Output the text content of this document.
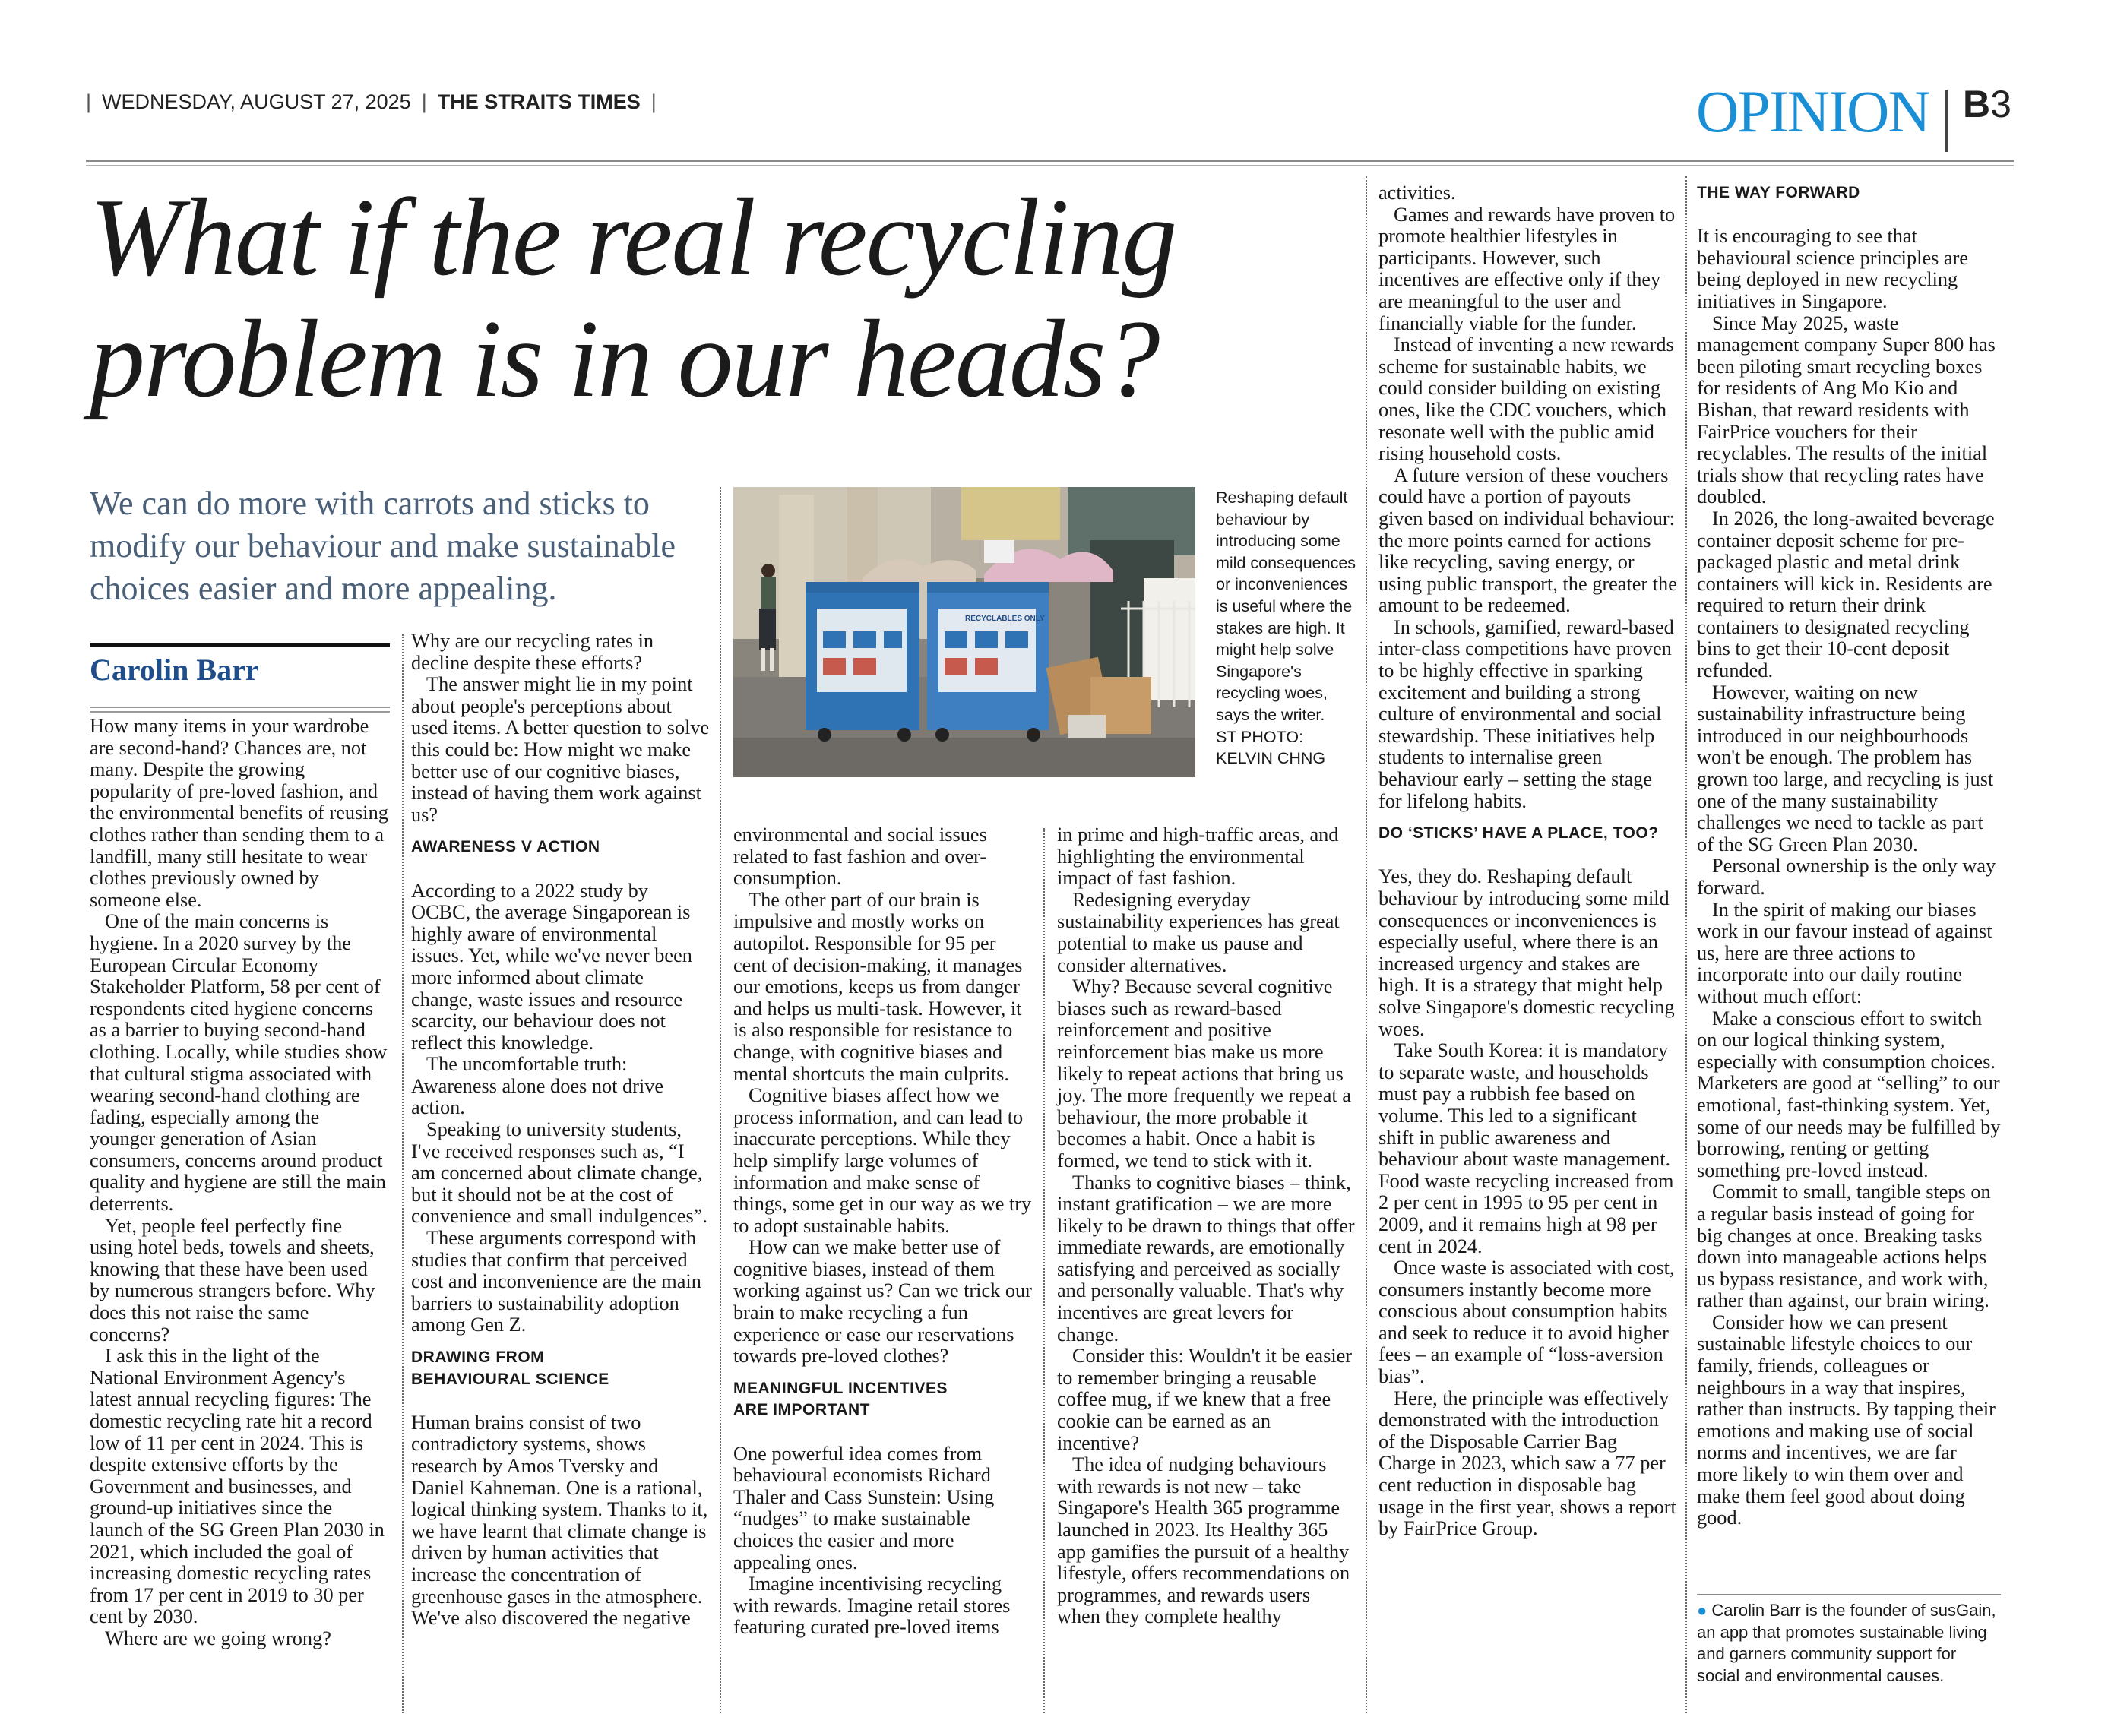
| WEDNESDAY, AUGUST 27, 2025 | THE STRAITS TIMES |	OPINION B3
What if the real recycling
problem is in our heads?
We can do more with carrots and sticks to modify our behaviour and make sustainable choices easier and more appealing.
Carolin Barr
RECYCLABLES ONLY
Reshaping default behaviour by introducing some mild consequences or inconveniences is useful where the stakes are high. It might help solve Singapore's recycling woes, says the writer.
ST PHOTO: KELVIN CHNG

How many items in your wardrobe are second-hand? Chances are, not many. Despite the growing popularity of pre-loved fashion, and the environmental benefits of reusing clothes rather than sending them to a landfill, many still hesitate to wear clothes previously owned by someone else.

One of the main concerns is hygiene. In a 2020 survey by the European Circular Economy Stakeholder Platform, 58 per cent of respondents cited hygiene concerns as a barrier to buying second-hand clothing. Locally, while studies show that cultural stigma associated with wearing second-hand clothing are fading, especially among the younger generation of Asian consumers, concerns around product quality and hygiene are still the main deterrents.

Yet, people feel perfectly fine using hotel beds, towels and sheets, knowing that these have been used by numerous strangers before. Why does this not raise the same concerns?

I ask this in the light of the National Environment Agency's latest annual recycling figures: The domestic recycling rate hit a record low of 11 per cent in 2024. This is despite extensive efforts by the Government and businesses, and ground-up initiatives since the launch of the SG Green Plan 2030 in 2021, which included the goal of increasing domestic recycling rates from 17 per cent in 2019 to 30 per cent by 2030.

Where are we going wrong?

Why are our recycling rates in decline despite these efforts?

The answer might lie in my point about people's perceptions about used items. A better question to solve this could be: How might we make better use of our cognitive biases, instead of having them work against us?

AWARENESS V ACTION

According to a 2022 study by OCBC, the average Singaporean is highly aware of environmental issues. Yet, while we've never been more informed about climate change, waste issues and resource scarcity, our behaviour does not reflect this knowledge.

The uncomfortable truth: Awareness alone does not drive action.

Speaking to university students, I've received responses such as, “I am concerned about climate change, but it should not be at the cost of convenience and small indulgences”.

These arguments correspond with studies that confirm that perceived cost and inconvenience are the main barriers to sustainability adoption among Gen Z.

DRAWING FROM

BEHAVIOURAL SCIENCE

Human brains consist of two contradictory systems, shows research by Amos Tversky and Daniel Kahneman. One is a rational, logical thinking system. Thanks to it, we have learnt that climate change is driven by human activities that increase the concentration of greenhouse gases in the atmosphere. We've also discovered the negative

environmental and social issues related to fast fashion and over-consumption.

The other part of our brain is impulsive and mostly works on autopilot. Responsible for 95 per cent of decision-making, it manages our emotions, keeps us from danger and helps us multi-task. However, it is also responsible for resistance to change, with cognitive biases and mental shortcuts the main culprits.

Cognitive biases affect how we process information, and can lead to inaccurate perceptions. While they help simplify large volumes of information and make sense of things, some get in our way as we try to adopt sustainable habits.

How can we make better use of cognitive biases, instead of them working against us? Can we trick our brain to make recycling a fun experience or ease our reservations towards pre-loved clothes?

MEANINGFUL INCENTIVES

ARE IMPORTANT

One powerful idea comes from behavioural economists Richard Thaler and Cass Sunstein: Using “nudges” to make sustainable choices the easier and more appealing ones.

Imagine incentivising recycling with rewards. Imagine retail stores featuring curated pre-loved items

in prime and high-traffic areas, and highlighting the environmental impact of fast fashion.

Redesigning everyday sustainability experiences has great potential to make us pause and consider alternatives.

Why? Because several cognitive biases such as reward-based reinforcement and positive reinforcement bias make us more likely to repeat actions that bring us joy. The more frequently we repeat a behaviour, the more probable it becomes a habit. Once a habit is formed, we tend to stick with it.

Thanks to cognitive biases – think, instant gratification – we are more likely to be drawn to things that offer immediate rewards, are emotionally satisfying and perceived as socially and personally valuable. That's why incentives are great levers for change.

Consider this: Wouldn't it be easier to remember bringing a reusable coffee mug, if we knew that a free cookie can be earned as an incentive?

The idea of nudging behaviours with rewards is not new – take Singapore's Health 365 programme launched in 2023. Its Healthy 365 app gamifies the pursuit of a healthy lifestyle, offers recommendations on programmes, and rewards users when they complete healthy

activities.

Games and rewards have proven to promote healthier lifestyles in participants. However, such incentives are effective only if they are meaningful to the user and financially viable for the funder.

Instead of inventing a new rewards scheme for sustainable habits, we could consider building on existing ones, like the CDC vouchers, which resonate well with the public amid rising household costs.

A future version of these vouchers could have a portion of payouts given based on individual behaviour: the more points earned for actions like recycling, saving energy, or using public transport, the greater the amount to be redeemed.

In schools, gamified, reward-based inter-class competitions have proven to be highly effective in sparking excitement and building a strong culture of environmental and social stewardship. These initiatives help students to internalise green behaviour early – setting the stage for lifelong habits.

DO ‘STICKS’ HAVE A PLACE, TOO?

Yes, they do. Reshaping default behaviour by introducing some mild consequences or inconveniences is especially useful, where there is an increased urgency and stakes are high. It is a strategy that might help solve Singapore's domestic recycling woes.

Take South Korea: it is mandatory to separate waste, and households must pay a rubbish fee based on volume. This led to a significant shift in public awareness and behaviour about waste management. Food waste recycling increased from 2 per cent in 1995 to 95 per cent in 2009, and it remains high at 98 per cent in 2024.

Once waste is associated with cost, consumers instantly become more conscious about consumption habits and seek to reduce it to avoid higher fees – an example of “loss-aversion bias”.

Here, the principle was effectively demonstrated with the introduction of the Disposable Carrier Bag Charge in 2023, which saw a 77 per cent reduction in disposable bag usage in the first year, shows a report by FairPrice Group.

THE WAY FORWARD

It is encouraging to see that behavioural science principles are being deployed in new recycling initiatives in Singapore.

Since May 2025, waste management company Super 800 has been piloting smart recycling boxes for residents of Ang Mo Kio and Bishan, that reward residents with FairPrice vouchers for their recyclables. The results of the initial trials show that recycling rates have doubled.

In 2026, the long-awaited beverage container deposit scheme for pre-packaged plastic and metal drink containers will kick in. Residents are required to return their drink containers to designated recycling bins to get their 10-cent deposit refunded.

However, waiting on new sustainability infrastructure being introduced in our neighbourhoods won't be enough. The problem has grown too large, and recycling is just one of the many sustainability challenges we need to tackle as part of the SG Green Plan 2030.

Personal ownership is the only way forward.

In the spirit of making our biases work in our favour instead of against us, here are three actions to incorporate into our daily routine without much effort:

Make a conscious effort to switch on our logical thinking system, especially with consumption choices. Marketers are good at “selling” to our emotional, fast-thinking system. Yet, some of our needs may be fulfilled by borrowing, renting or getting something pre-loved instead.

Commit to small, tangible steps on a regular basis instead of going for big changes at once. Breaking tasks down into manageable actions helps us bypass resistance, and work with, rather than against, our brain wiring.

Consider how we can present sustainable lifestyle choices to our family, friends, colleagues or neighbours in a way that inspires, rather than instructs. By tapping their emotions and making use of social norms and incentives, we are far more likely to win them over and make them feel good about doing good.

● Carolin Barr is the founder of susGain, an app that promotes sustainable living and garners community support for social and environmental causes.
